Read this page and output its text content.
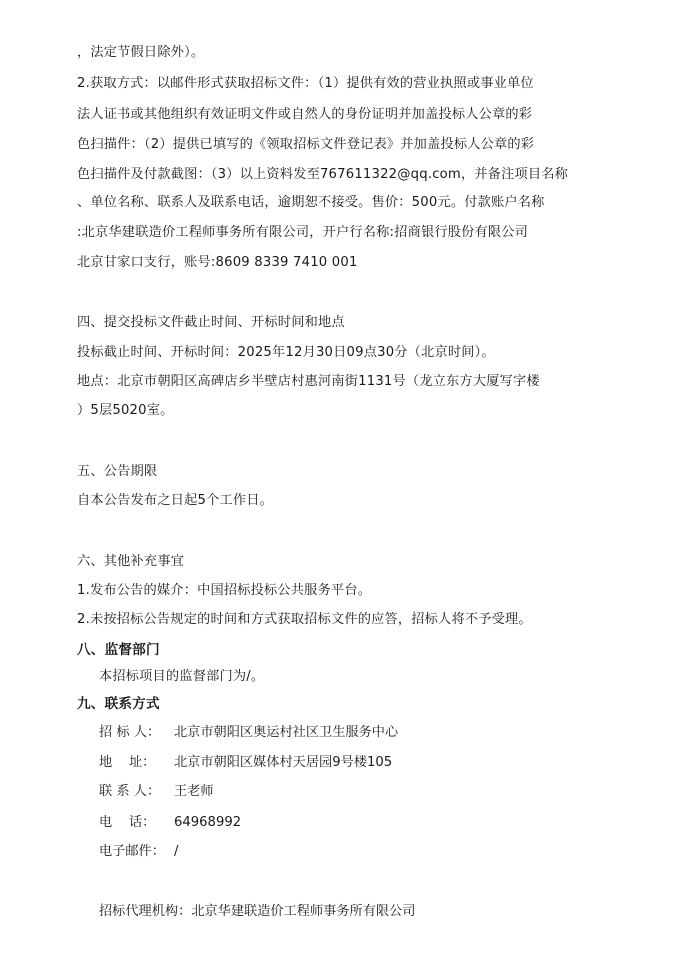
，法定节假日除外）。
2.获取方式：以邮件形式获取招标文件：（1）提供有效的营业执照或事业单位
法人证书或其他组织有效证明文件或自然人的身份证明并加盖投标人公章的彩
色扫描件：（2）提供已填写的《领取招标文件登记表》并加盖投标人公章的彩
色扫描件及付款截图：（3）以上资料发至767611322@qq.com，并备注项目名称
、单位名称、联系人及联系电话，逾期恕不接受。售价：500元。付款账户名称
:北京华建联造价工程师事务所有限公司，开户行名称:招商银行股份有限公司
北京甘家口支行，账号:8609 8339 7410 001
四、提交投标文件截止时间、开标时间和地点
投标截止时间、开标时间：2025年12月30日09点30分（北京时间）。
地点：北京市朝阳区高碑店乡半壁店村惠河南街1131号（龙立东方大厦写字楼
）5层5020室。
五、公告期限
自本公告发布之日起5个工作日。
六、其他补充事宜
1.发布公告的媒介：中国招标投标公共服务平台。
2.未按招标公告规定的时间和方式获取招标文件的应答，招标人将不予受理。
八、监督部门
本招标项目的监督部门为/。
九、联系方式
招 标 人： 北京市朝阳区奥运村社区卫生服务中心
地    址： 北京市朝阳区媒体村天居园9号楼105
联 系 人： 王老师
电    话： 64968992
电子邮件： /
招标代理机构：北京华建联造价工程师事务所有限公司
